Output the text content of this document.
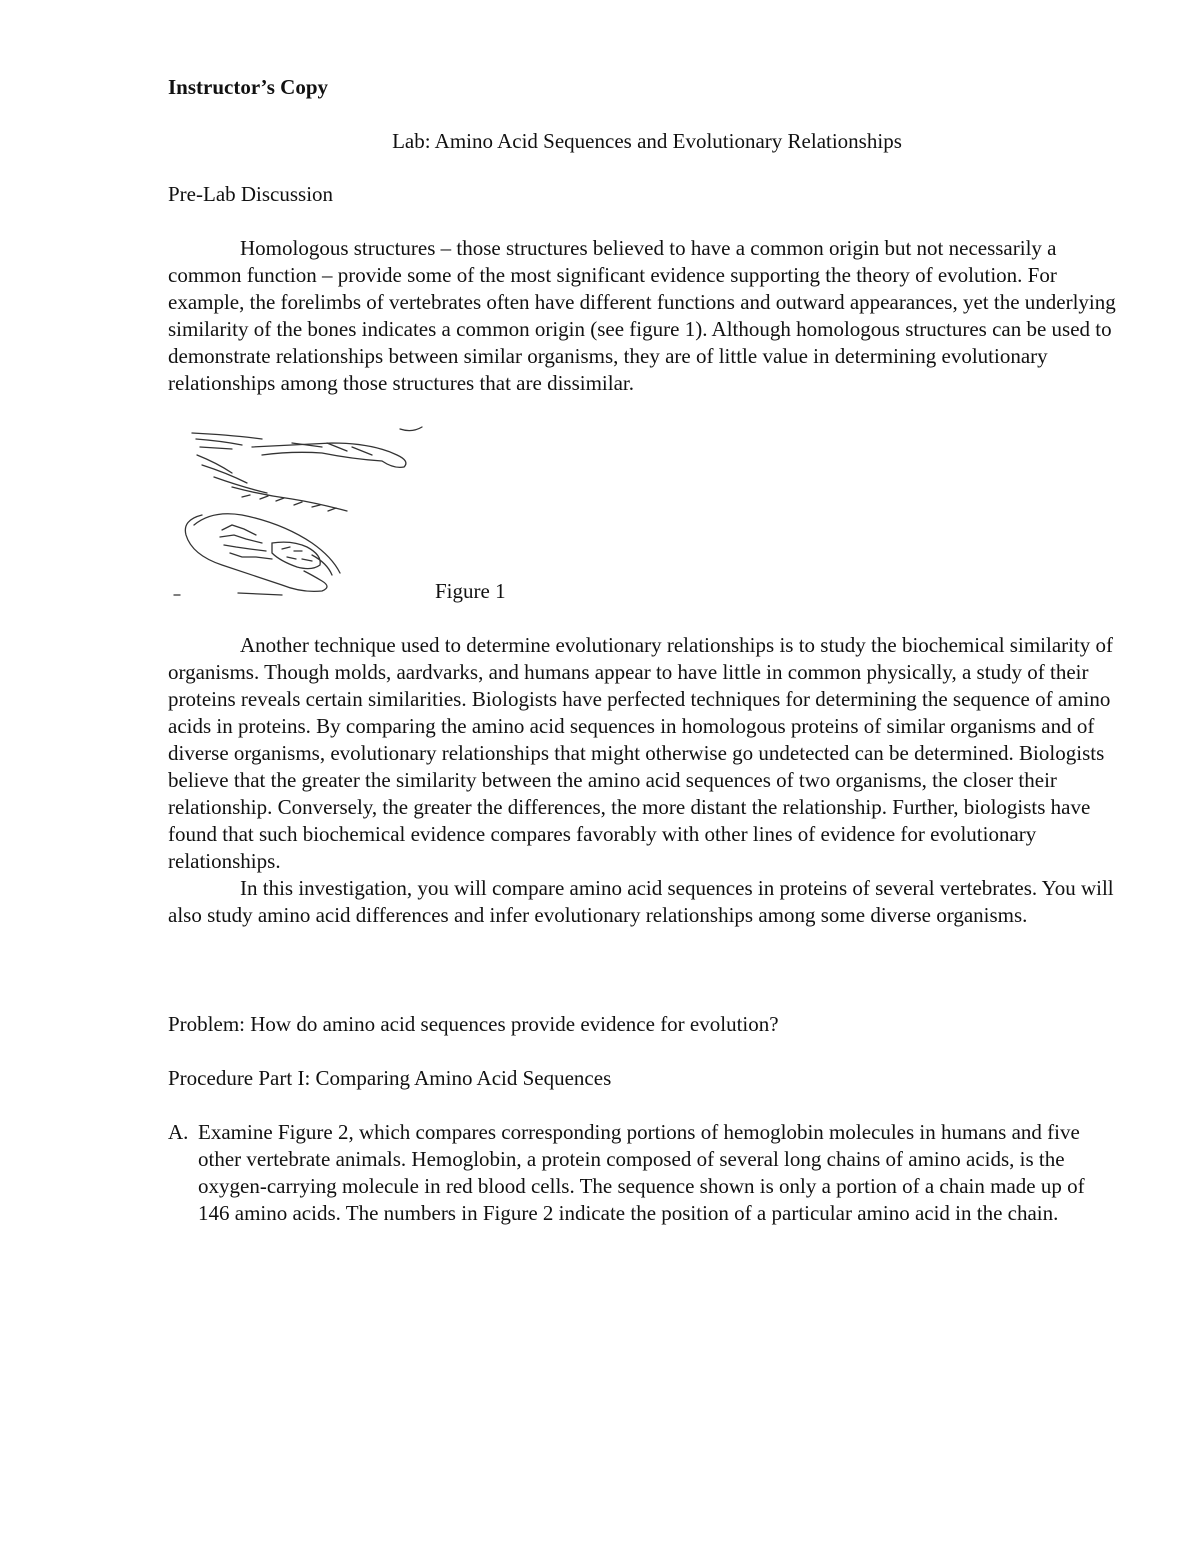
Instructor’s Copy
Lab: Amino Acid Sequences and Evolutionary Relationships
Pre-Lab Discussion

Homologous structures – those structures believed to have a common origin but not necessarily a common function – provide some of the most significant evidence supporting the theory of evolution. For example, the forelimbs of vertebrates often have different functions and outward appearances, yet the underlying similarity of the bones indicates a common origin (see figure 1). Although homologous structures can be used to demonstrate relationships between similar organisms, they are of little value in determining evolutionary relationships among those structures that are dissimilar.

Figure 1

Another technique used to determine evolutionary relationships is to study the biochemical similarity of organisms. Though molds, aardvarks, and humans appear to have little in common physically, a study of their proteins reveals certain similarities. Biologists have perfected techniques for determining the sequence of amino acids in proteins. By comparing the amino acid sequences in homologous proteins of similar organisms and of diverse organisms, evolutionary relationships that might otherwise go undetected can be determined. Biologists believe that the greater the similarity between the amino acid sequences of two organisms, the closer their relationship. Conversely, the greater the differences, the more distant the relationship. Further, biologists have found that such biochemical evidence compares favorably with other lines of evidence for evolutionary relationships.

In this investigation, you will compare amino acid sequences in proteins of several vertebrates. You will also study amino acid differences and infer evolutionary relationships among some diverse organisms.

Problem: How do amino acid sequences provide evidence for evolution?
Procedure Part I: Comparing Amino Acid Sequences
A. Examine Figure 2, which compares corresponding portions of hemoglobin molecules in humans and five other vertebrate animals. Hemoglobin, a protein composed of several long chains of amino acids, is the oxygen-carrying molecule in red blood cells. The sequence shown is only a portion of a chain made up of 146 amino acids. The numbers in Figure 2 indicate the position of a particular amino acid in the chain.
